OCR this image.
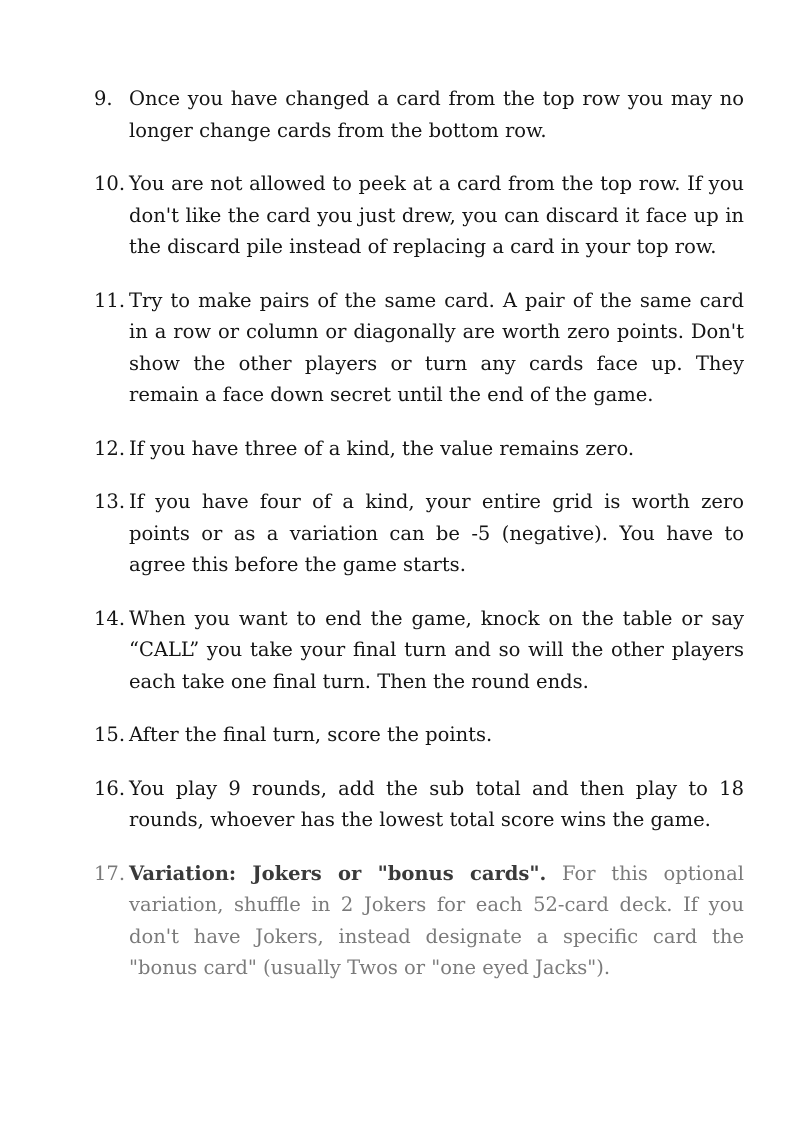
9. Once you have changed a card from the top row you may no longer change cards from the bottom row.
10. You are not allowed to peek at a card from the top row. If you don't like the card you just drew, you can discard it face up in the discard pile instead of replacing a card in your top row.
11. Try to make pairs of the same card. A pair of the same card in a row or column or diagonally are worth zero points. Don't show the other players or turn any cards face up. They remain a face down secret until the end of the game.
12. If you have three of a kind, the value remains zero.
13. If you have four of a kind, your entire grid is worth zero points or as a variation can be -5 (negative). You have to agree this before the game starts.
14. When you want to end the game, knock on the table or say “CALL” you take your final turn and so will the other players each take one final turn. Then the round ends.
15. After the final turn, score the points.
16. You play 9 rounds, add the sub total and then play to 18 rounds, whoever has the lowest total score wins the game.
17. Variation: Jokers or "bonus cards". For this optional variation, shuffle in 2 Jokers for each 52-card deck. If you don't have Jokers, instead designate a specific card the "bonus card" (usually Twos or "one eyed Jacks").
